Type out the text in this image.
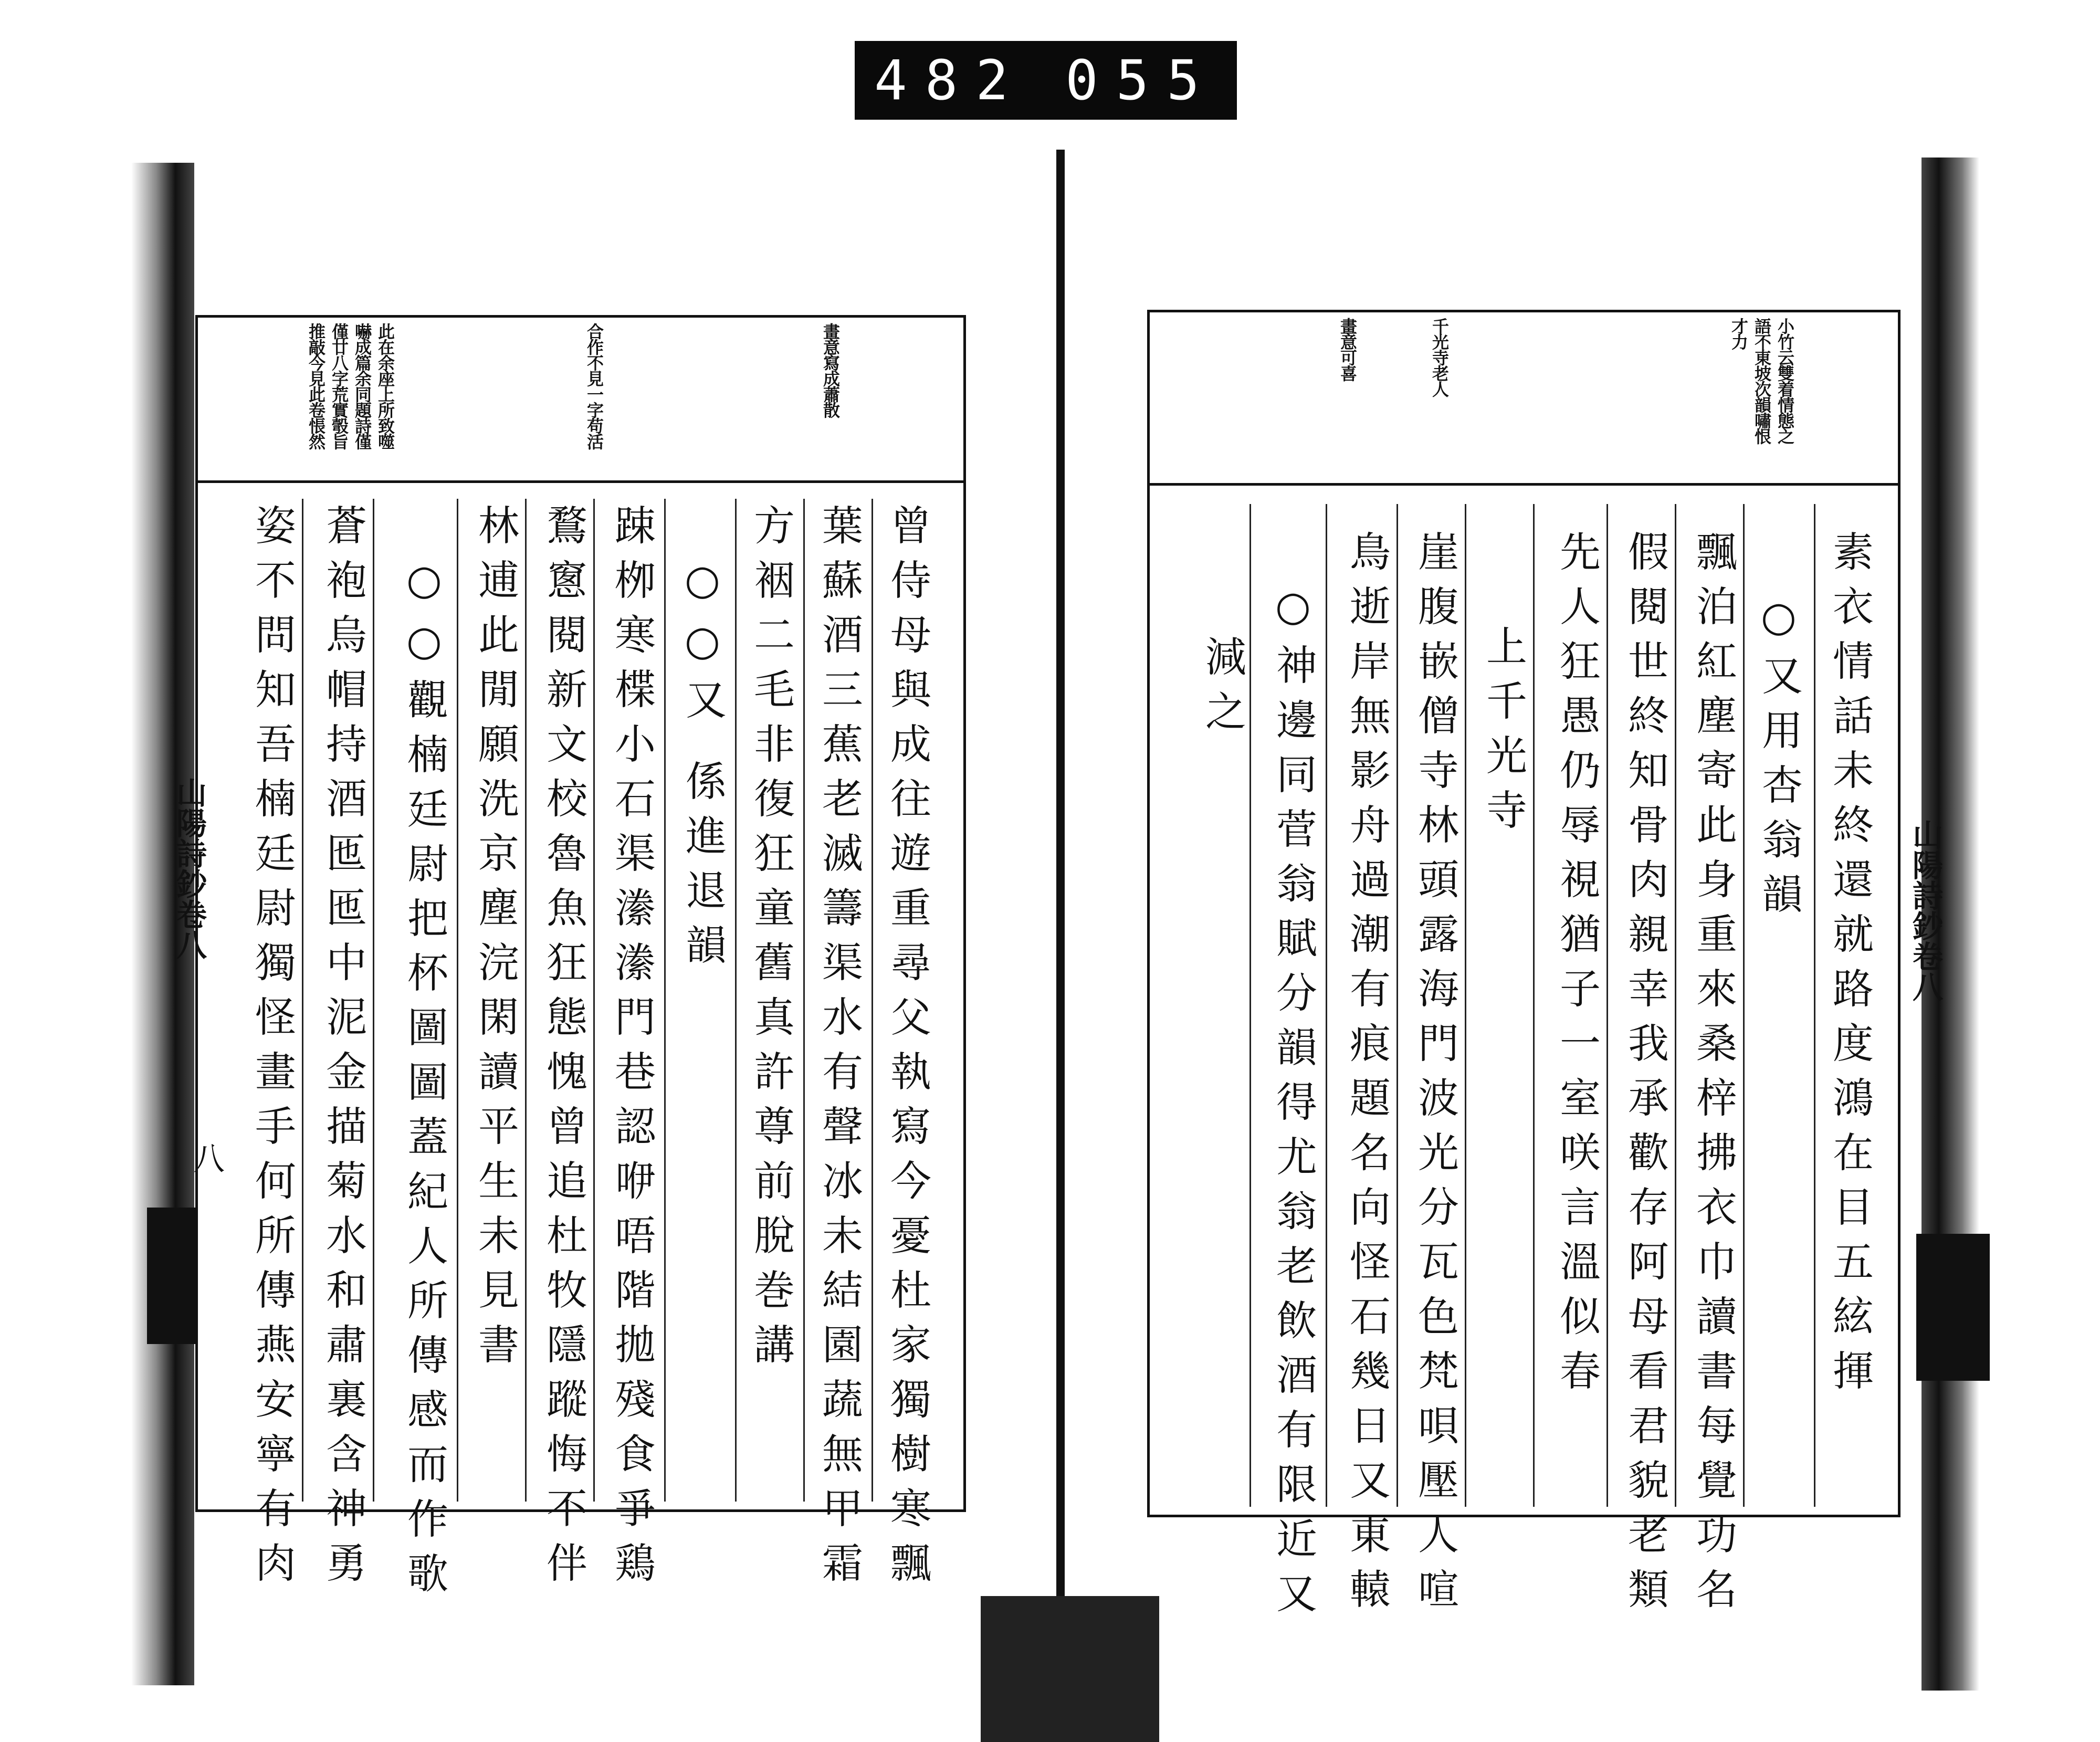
482 055
此在余座上所致噬
嚇成篇余同題詩僅
僅廿八字荒實彀旨
推敲今見此卷悵然	合作不見一字苟活	畫意寫成蕭散
山陽詩鈔卷八
八	曾侍母與成往遊重尋父執寫今憂杜家獨樹寒飄
葉蘇酒三蕉老滅籌渠水有聲冰未結園蔬無甲霜
方裀二毛非復狂童舊真許尊前脫巻講
○○又 係進退韻
踈栁寒楪小石渠潫潫門巷認咿唔階拋殘食爭鶏
鶩窻閱新文校魯魚狂態愧曾追杜牧隱蹤悔不伴
林逋此閒願洗京塵浣閑讀平生未見書
○○觀楠廷尉把杯圖圖蓋紀人所傳感而作歌
蒼袍烏帽持酒匜匜中泥金描菊水和肅裏含神勇
姿不問知吾楠廷尉獨怪畫手何所傳燕安寧有肉
小竹云雙着情態之
語不東坡次韻嘯恨
才力
千光寺老人
畫意可喜
山陽詩鈔卷八
素衣情話未終還就路度鴻在目五絃揮
○又用杏翁韻
飄泊紅塵寄此身重來桑梓拂衣巾讀書每覺功名
假閱世終知骨肉親幸我承歡存阿母看君貌老類
先人狂愚仍辱視猶子一室咲言溫似春
上千光寺
崖腹嵌僧寺林頭露海門波光分瓦色梵唄壓人喧
鳥逝岸無影舟過潮有痕題名向怪石幾日又東轅
○神邊同菅翁賦分韻得尤翁老飲酒有限近又
減之
